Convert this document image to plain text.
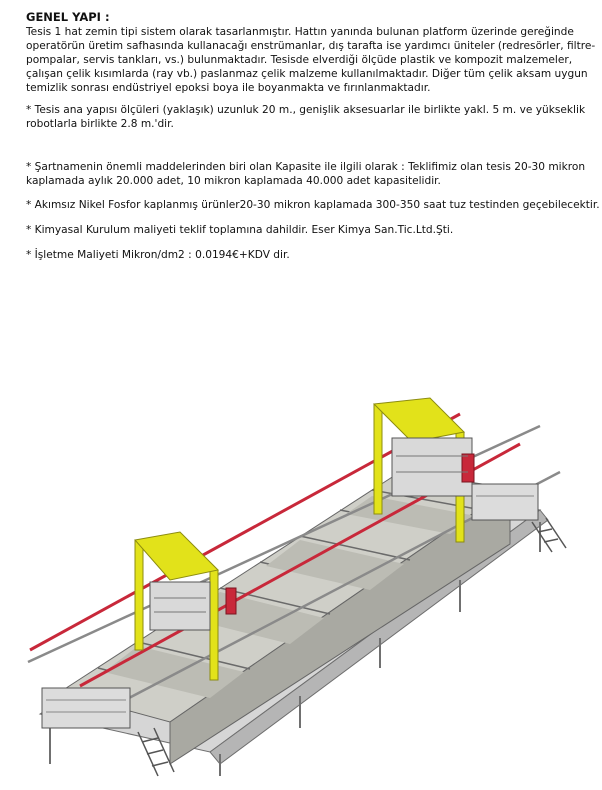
GENEL YAPI :
Tesis 1 hat zemin tipi sistem olarak tasarlanmıştır. Hattın yanında bulunan platform üzerinde gereğinde
operatörün üretim safhasında kullanacağı enstrümanlar, dış tarafta ise yardımcı üniteler (redresörler, filtre-
pompalar, servis tankları, vs.) bulunmaktadır. Tesisde elverdiği ölçüde plastik ve kompozit malzemeler,
çalışan çelik kısımlarda (ray vb.) paslanmaz çelik malzeme kullanılmaktadır. Diğer tüm çelik aksam uygun
temizlik sonrası endüstriyel epoksi boya ile boyanmakta ve fırınlanmaktadır.
* Tesis ana yapısı ölçüleri (yaklaşık) uzunluk 20 m., genişlik aksesuarlar ile birlikte yakl. 5 m. ve yükseklik
robotlarla birlikte 2.8 m.'dir.
* Şartnamenin önemli maddelerinden biri olan Kapasite ile ilgili olarak : Teklifimiz olan tesis 20-30 mikron
kaplamada aylık 20.000 adet, 10 mikron kaplamada 40.000 adet kapasitelidir.
* Akımsız Nikel Fosfor kaplanmış ürünler20-30 mikron kaplamada 300-350 saat tuz testinden geçebilecektir.
* Kimyasal Kurulum maliyeti teklif toplamına dahildir. Eser Kimya San.Tic.Ltd.Şti.
* İşletme Maliyeti Mikron/dm2 : 0.0194€+KDV dir.
